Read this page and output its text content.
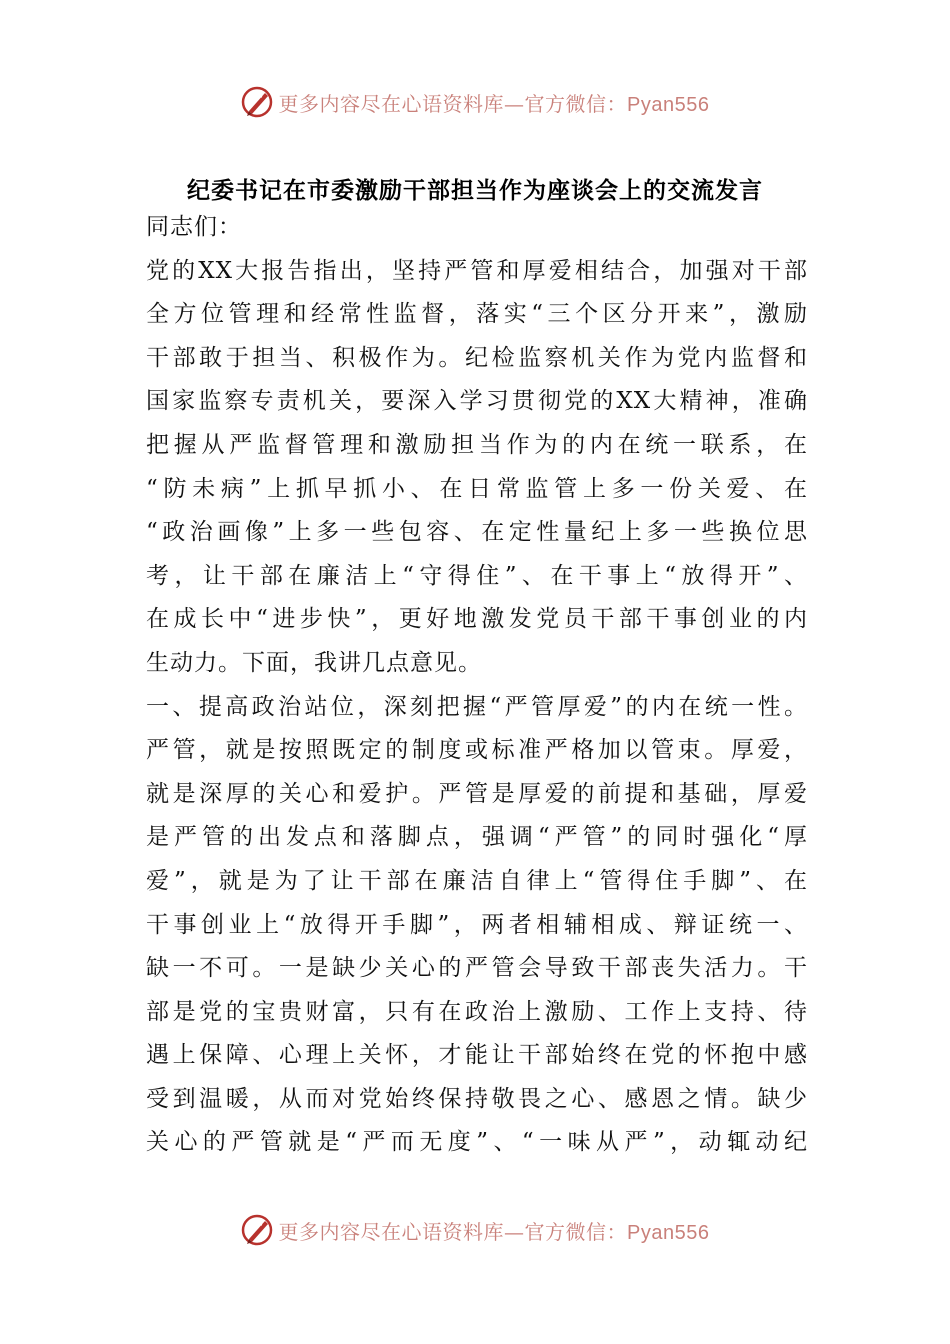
更多内容尽在心语资料库—官方微信：Pyan556
纪委书记在市委激励干部担当作为座谈会上的交流发言
同志们：
党的XX大报告指出，坚持严管和厚爱相结合，加强对干部
全方位管理和经常性监督，落实“三个区分开来”，激励
干部敢于担当、积极作为。纪检监察机关作为党内监督和
国家监察专责机关，要深入学习贯彻党的XX大精神，准确
把握从严监督管理和激励担当作为的内在统一联系，在
“防未病”上抓早抓小、在日常监管上多一份关爱、在
“政治画像”上多一些包容、在定性量纪上多一些换位思
考，让干部在廉洁上“守得住”、在干事上“放得开”、
在成长中“进步快”，更好地激发党员干部干事创业的内
生动力。下面，我讲几点意见。
一、提高政治站位，深刻把握“严管厚爱”的内在统一性。
严管，就是按照既定的制度或标准严格加以管束。厚爱，
就是深厚的关心和爱护。严管是厚爱的前提和基础，厚爱
是严管的出发点和落脚点，强调“严管”的同时强化“厚
爱”，就是为了让干部在廉洁自律上“管得住手脚”、在
干事创业上“放得开手脚”，两者相辅相成、辩证统一、
缺一不可。一是缺少关心的严管会导致干部丧失活力。干
部是党的宝贵财富，只有在政治上激励、工作上支持、待
遇上保障、心理上关怀，才能让干部始终在党的怀抱中感
受到温暖，从而对党始终保持敬畏之心、感恩之情。缺少
关心的严管就是“严而无度”、“一味从严”，动辄动纪
更多内容尽在心语资料库—官方微信：Pyan556
